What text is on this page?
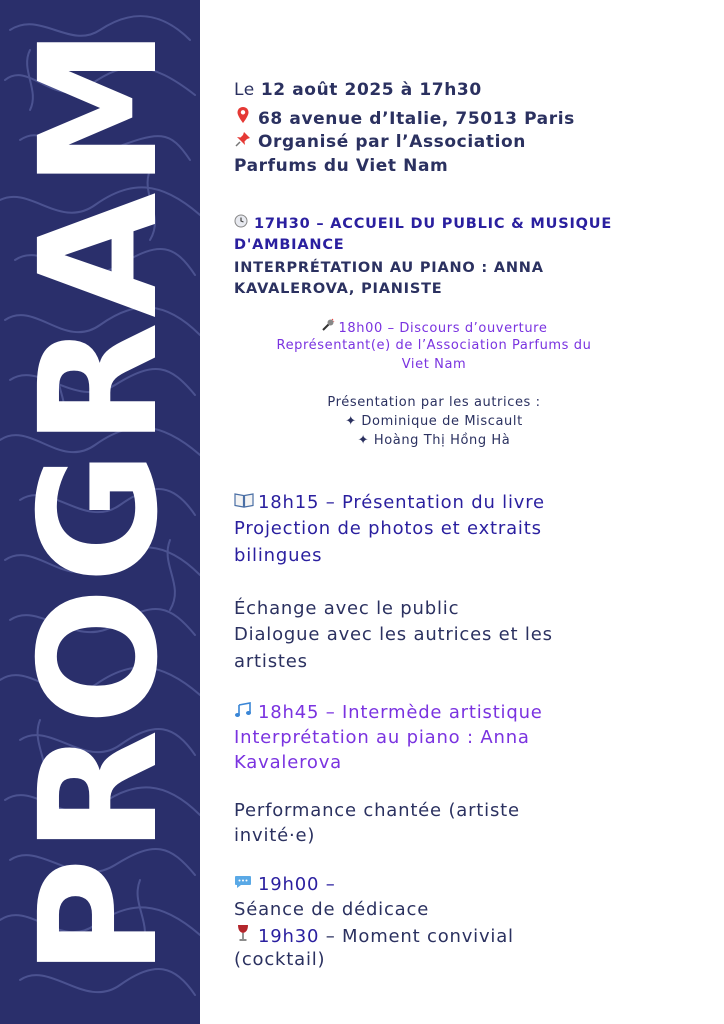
PROGRAM Le 12 août 2025 à 17h30
68 avenue d’Italie, 75013 Paris
Organisé par l’Association
Parfums du Viet Nam
17H30 – ACCUEIL DU PUBLIC & MUSIQUE
D'AMBIANCE
INTERPRÉTATION AU PIANO : ANNA
KAVALEROVA, PIANISTE
18h00 – Discours d’ouverture
Représentant(e) de l’Association Parfums du
Viet Nam
Présentation par les autrices :
✦ Dominique de Miscault
✦ Hoàng Thị Hồng Hà
18h15 – Présentation du livre
Projection de photos et extraits
bilingues
Échange avec le public
Dialogue avec les autrices et les
artistes
18h45 – Intermède artistique
Interprétation au piano : Anna
Kavalerova
Performance chantée (artiste
invité·e)
19h00 –
Séance de dédicace
19h30 – Moment convivial
(cocktail)
